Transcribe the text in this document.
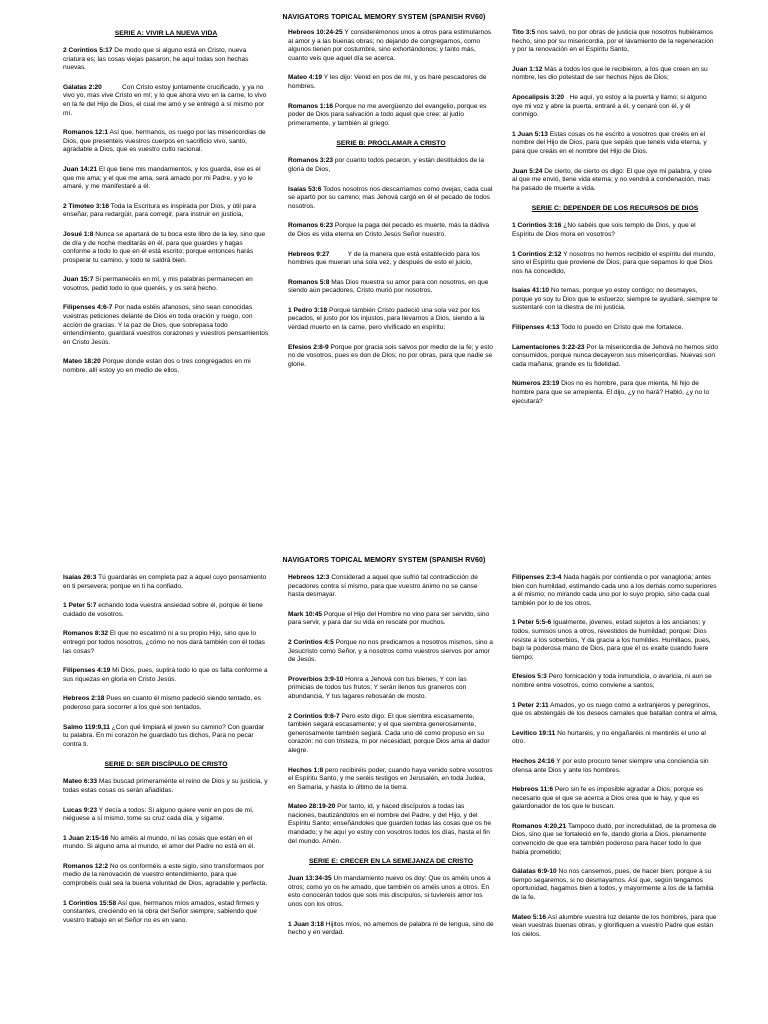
NAVIGATORS TOPICAL MEMORY SYSTEM (SPANISH RV60)
SERIE A: VIVIR LA NUEVA VIDA
2 Corintios 5:17 De modo que si alguno está en Cristo, nueva criatura es; las cosas viejas pasaron; he aquí todas son hechas nuevas.
Gálatas 2:20           Con Cristo estoy juntamente crucificado, y ya no vivo yo, mas vive Cristo en mí; y lo que ahora vivo en la carne, lo vivo en la fe del Hijo de Dios, el cual me amó y se entregó a sí mismo por mí.
Romanos 12:1 Así que, hermanos, os ruego por las misericordias de Dios, que presentéis vuestros cuerpos en sacrificio vivo, santo, agradable a Dios, que es vuestro culto racional.
Juan 14:21 El que tiene mis mandamientos, y los guarda, ése es el que me ama; y el que me ama, será amado por mi Padre, y yo le amaré, y me manifestaré a él.
2 Timoteo 3:16 Toda la Escritura es inspirada por Dios, y útil para enseñar, para redargüir, para corregir, para instruir en justicia,
Josué 1:8 Nunca se apartará de tu boca este libro de la ley, sino que de día y de noche meditarás en él, para que guardes y hagas conforme a todo lo que en él está escrito; porque entonces harás prosperar tu camino, y todo te saldrá bien.
Juan 15:7 Si permanecéis en mí, y mis palabras permanecen en vosotros, pedid todo lo que queréis, y os será hecho.
Filipenses 4:6-7 Por nada estéis afanosos, sino sean conocidas vuestras peticiones delante de Dios en toda oración y ruego, con acción de gracias. Y la paz de Dios, que sobrepasa todo entendimiento, guardará vuestros corazones y vuestros pensamientos en Cristo Jesús.
Mateo 18:20 Porque donde están dos o tres congregados en mi nombre, allí estoy yo en medio de ellos.
Hebreos 10:24-25 Y considerémonos unos a otros para estimularnos al amor y a las buenas obras; no dejando de congregarnos, como algunos tienen por costumbre, sino exhortándonos; y tanto más, cuanto veis que aquel día se acerca.
Mateo 4:19 Y les dijo: Venid en pos de mí, y os haré pescadores de hombres.
Romanos 1:16 Porque no me avergüenzo del evangelio, porque es poder de Dios para salvación a todo aquel que cree; al judío primeramente, y también al griego.
SERIE B: PROCLAMAR A CRISTO
Romanos 3:23 por cuanto todos pecaron, y están destituidos de la gloria de Dios,
Isaías 53:6 Todos nosotros nos descarriamos como ovejas, cada cual se apartó por su camino; mas Jehová cargó en él el pecado de todos nosotros.
Romanos 6:23 Porque la paga del pecado es muerte, más la dádiva de Dios es vida eterna en Cristo Jesús Señor nuestro.
Hebreos 9:27          Y de la manera que está establecido para los hombres que mueran una sola vez, y después de esto el juicio,
Romanos 5:8 Mas Dios muestra su amor para con nosotros, en que siendo aún pecadores, Cristo murió por nosotros.
1 Pedro 3:18 Porque también Cristo padeció una sola vez por los pecados, el justo por los injustos, para llevarnos a Dios, siendo a la verdad muerto en la carne, pero vivificado en espíritu;
Efesios 2:8-9 Porque por gracia sois salvos por medio de la fe; y esto no de vosotros, pues es don de Dios; no por obras, para que nadie se glorie.
Tito 3:5 nos salvó, no por obras de justicia que nosotros hubiéramos hecho, sino por su misericordia, por el lavamiento de la regeneración y por la renovación en el Espíritu Santo,
Juan 1:12 Más a todos los que le recibieron, a los que creen en su nombre, les dio potestad de ser hechos hijos de Dios;
Apocalipsis 3:20   He aquí, yo estoy a la puerta y llamo; si alguno oye mi voz y abre la puerta, entraré a él, y cenaré con él, y él conmigo.
1 Juan 5:13 Estas cosas os he escrito a vosotros que creéis en el nombre del Hijo de Dios, para que sepáis que tenéis vida eterna, y para que creáis en el nombre del Hijo de Dios.
Juan 5:24 De cierto, de cierto os digo: El que oye mi palabra, y cree al que me envió, tiene vida eterna; y no vendrá a condenación, mas ha pasado de muerte a vida.
SERIE C: DEPENDER DE LOS RECURSOS DE DIOS
1 Corintios 3:16 ¿No sabéis que sois templo de Dios, y que el Espíritu de Dios mora en vosotros?
1 Corintios 2:12 Y nosotros no hemos recibido el espíritu del mundo, sino el Espíritu que proviene de Dios, para que sepamos lo que Dios nos ha concedido,
Isaías 41:10 No temas, porque yo estoy contigo; no desmayes, porque yo soy tu Dios que te esfuerzo; siempre te ayudaré, siempre te sustentaré con la diestra de mi justicia.
Filipenses 4:13 Todo lo puedo en Cristo que me fortalece.
Lamentaciones 3:22-23 Por la misericordia de Jehová no hemos sido consumidos, porque nunca decayeron sus misericordias. Nuevas son cada mañana; grande es tu fidelidad.
Números 23:19 Dios no es hombre, para que mienta, Ni hijo de hombre para que se arrepienta. El dijo, ¿y no hará? Habló, ¿y no lo ejecutará?
NAVIGATORS TOPICAL MEMORY SYSTEM (SPANISH RV60)
Isaías 26:3 Tú guardarás en completa paz a aquel cuyo pensamiento en ti persevera; porque en ti ha confiado.
1 Peter 5:7 echando toda vuestra ansiedad sobre él, porque él tiene cuidado de vosotros.
Romanos 8:32 El que no escatimó ni a su propio Hijo, sino que lo entregó por todos nosotros, ¿cómo no nos dará también con él todas las cosas?
Filipenses 4:19 Mi Dios, pues, suplirá todo lo que os falta conforme a sus riquezas en gloria en Cristo Jesús.
Hebreos 2:18 Pues en cuanto él mismo padeció siendo tentado, es poderoso para socorrer a los que son tentados.
Salmo 119:9,11 ¿Con qué limpiará el joven su camino? Con guardar tu palabra. En mi corazón he guardado tus dichos, Para no pecar contra ti.
SERIE D: SER DISCÍPULO DE CRISTO
Mateo 6:33 Mas buscad primeramente el reino de Dios y su justicia, y todas estas cosas os serán añadidas.
Lucas 9:23 Y decía a todos: Si alguno quiere venir en pos de mí, niéguese a sí mismo, tome su cruz cada día, y sígame.
1 Juan 2:15-16 No améis al mundo, ni las cosas que están en el mundo. Si alguno ama al mundo, el amor del Padre no está en él.
Romanos 12:2 No os conforméis a este siglo, sino transformaos por medio de la renovación de vuestro entendimiento, para que comprobéis cuál sea la buena voluntad de Dios, agradable y perfecta.
1 Corintios 15:58 Así que, hermanos míos amados, estad firmes y constantes, creciendo en la obra del Señor siempre, sabiendo que vuestro trabajo en el Señor no es en vano.
Hebreos 12:3 Considerad a aquel que sufrió tal contradicción de pecadores contra sí mismo, para que vuestro ánimo no se canse hasta desmayar.
Mark 10:45 Porque el Hijo del Hombre no vino para ser servido, sino para servir, y para dar su vida en rescate por muchos.
2 Corintios 4:5 Porque no nos predicamos a nosotros mismos, sino a Jesucristo como Señor, y a nosotros como vuestros siervos por amor de Jesús.
Proverbios 3:9-10 Honra a Jehová con tus bienes, Y con las primicias de todos tus frutos; Y serán llenos tus graneros con abundancia, Y tus lagares rebosarán de mosto.
2 Corintios 9:6-7 Pero esto digo: El que siembra escasamente, también segará escasamente; y el que siembra generosamente, generosamente también segará. Cada uno dé como propuso en su corazón: no con tristeza, ni por necesidad, porque Dios ama al dador alegre.
Hechos 1:8 pero recibiréis poder, cuando haya venido sobre vosotros el Espíritu Santo, y me seréis testigos en Jerusalén, en toda Judea, en Samaria, y hasta lo último de la tierra.
Mateo 28:19-20 Por tanto, id, y haced discípulos a todas las naciones, bautizándolos en el nombre del Padre, y del Hijo, y del Espíritu Santo; enseñándoles que guarden todas las cosas que os he mandado; y he aquí yo estoy con vosotros todos los días, hasta el fin del mundo. Amén.
SERIE E: CRECER EN LA SEMEJANZA DE CRISTO
Juan 13:34-35 Un mandamiento nuevo os doy: Que os améis unos a otros; como yo os he amado, que también os améis unos a otros. En esto conocerán todos que sois mis discípulos, si tuviereis amor los unos con los otros.
1 Juan 3:18 Hijitos míos, no amemos de palabra ni de lengua, sino de hecho y en verdad.
Filipenses 2:3-4 Nada hagáis por contienda o por vanagloria; antes bien con humildad, estimando cada uno a los demás como superiores a él mismo; no mirando cada uno por lo suyo propio, sino cada cual también por lo de los otros.
1 Peter 5:5-6 Igualmente, jóvenes, estad sujetos a los ancianos; y todos, sumisos unos a otros, revestidos de humildad; porque: Dios resiste a los soberbios, Y da gracia a los humildes. Humillaos, pues, bajo la poderosa mano de Dios, para que él os exalte cuando fuere tiempo;
Efesios 5:3 Pero fornicación y toda inmundicia, o avaricia, ni aun se nombre entre vosotros, como conviene a santos;
1 Peter 2:11 Amados, yo os ruego como a extranjeros y peregrinos, que os abstengáis de los deseos carnales que batallan contra el alma,
Levitico 19:11 No hurtaréis, y no engañaréis ni mentiréis el uno al otro.
Hechos 24:16 Y por esto procuro tener siempre una conciencia sin ofensa ante Dios y ante los hombres.
Hebreos 11:6 Pero sin fe es imposible agradar a Dios; porque es necesario que el que se acerca a Dios crea que le hay, y que es galardonador de los que le buscan.
Romanos 4:20,21 Tampoco dudó, por incredulidad, de la promesa de Dios, sino que se fortaleció en fe, dando gloria a Dios, plenamente convencido de que era también poderoso para hacer todo lo que había prometido;
Gálatas 6:9-10 No nos cansemos, pues, de hacer bien; porque a su tiempo segaremos, si no desmayamos. Así que, según tengamos oportunidad, hagamos bien a todos, y mayormente a los de la familia de la fe.
Mateo 5:16 Así alumbre vuestra luz delante de los hombres, para que vean vuestras buenas obras, y glorifiquen a vuestro Padre que están los cielos.
